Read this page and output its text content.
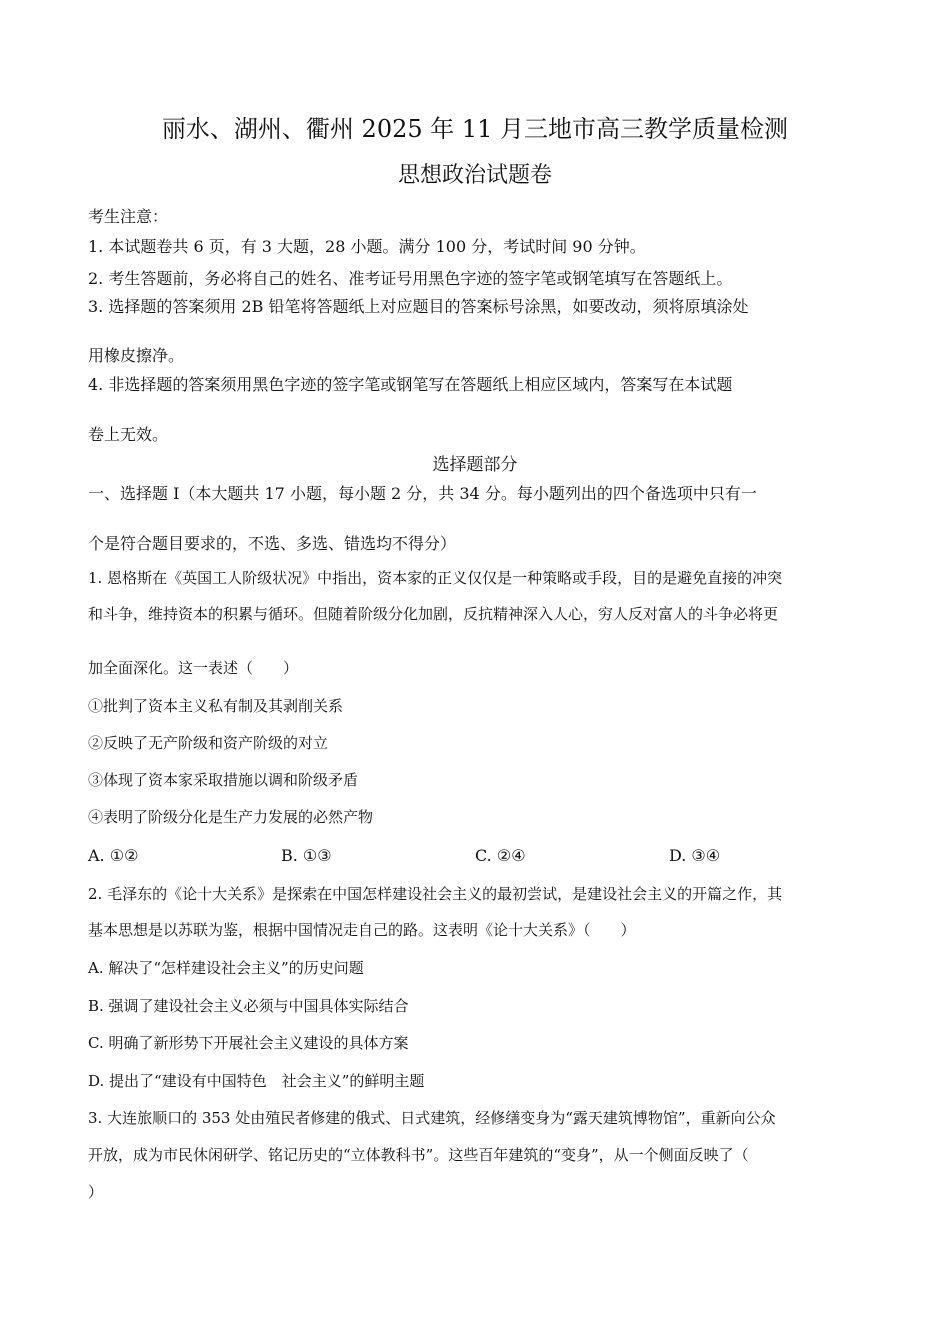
丽水、湖州、衢州 2025 年 11 月三地市高三教学质量检测
思想政治试题卷
考生注意：
1. 本试题卷共 6 页，有 3 大题，28 小题。满分 100 分，考试时间 90 分钟。
2. 考生答题前，务必将自己的姓名、准考证号用黑色字迹的签字笔或钢笔填写在答题纸上。
3. 选择题的答案须用 2B 铅笔将答题纸上对应题目的答案标号涂黑，如要改动，须将原填涂处
用橡皮擦净。
4. 非选择题的答案须用黑色字迹的签字笔或钢笔写在答题纸上相应区域内，答案写在本试题
卷上无效。
选择题部分
一、选择题 I（本大题共 17 小题，每小题 2 分，共 34 分。每小题列出的四个备选项中只有一
个是符合题目要求的，不选、多选、错选均不得分）
1. 恩格斯在《英国工人阶级状况》中指出，资本家的正义仅仅是一种策略或手段，目的是避免直接的冲突
和斗争，维持资本的积累与循环。但随着阶级分化加剧，反抗精神深入人心，穷人反对富人的斗争必将更
加全面深化。这一表述（　　）
①批判了资本主义私有制及其剥削关系
②反映了无产阶级和资产阶级的对立
③体现了资本家采取措施以调和阶级矛盾
④表明了阶级分化是生产力发展的必然产物
A. ①②	B. ①③	C. ②④	D. ③④
2. 毛泽东的《论十大关系》是探索在中国怎样建设社会主义的最初尝试，是建设社会主义的开篇之作，其
基本思想是以苏联为鉴，根据中国情况走自己的路。这表明《论十大关系》（　　）
A. 解决了“怎样建设社会主义”的历史问题
B. 强调了建设社会主义必须与中国具体实际结合
C. 明确了新形势下开展社会主义建设的具体方案
D. 提出了“建设有中国特色　社会主义”的鲜明主题
3. 大连旅顺口的 353 处由殖民者修建的俄式、日式建筑，经修缮变身为“露天建筑博物馆”，重新向公众
开放，成为市民休闲研学、铭记历史的“立体教科书”。这些百年建筑的“变身”，从一个侧面反映了（
）
